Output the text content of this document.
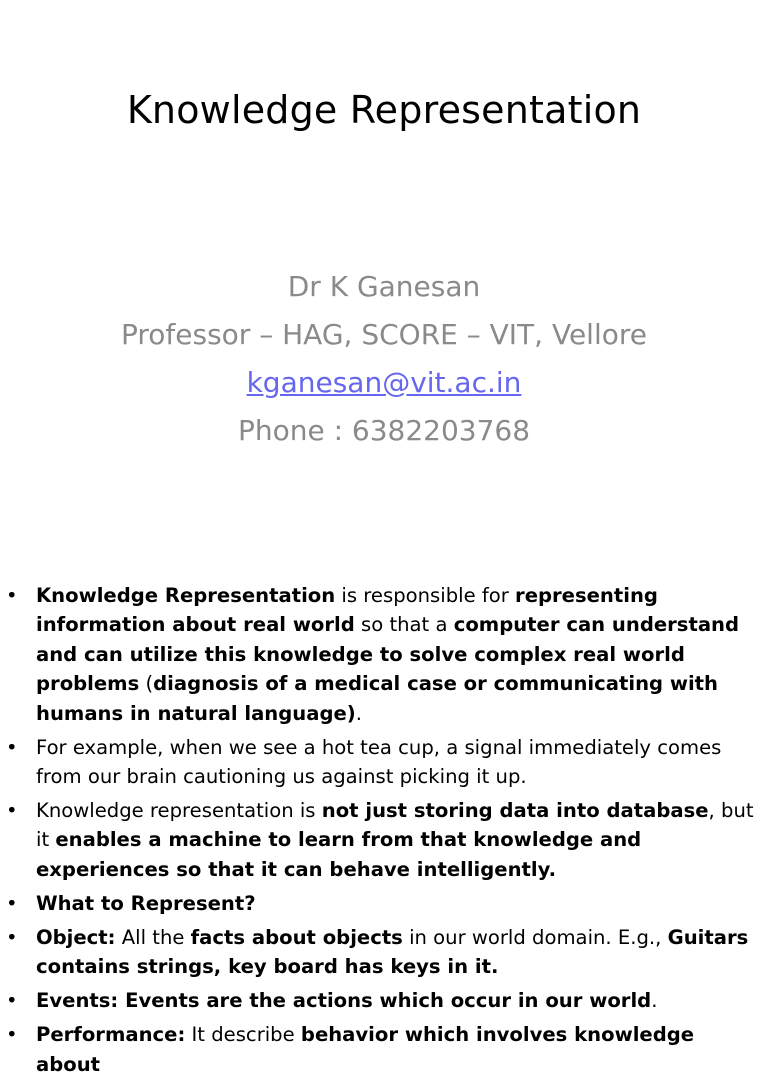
Knowledge Representation
Dr K Ganesan
Professor – HAG, SCORE – VIT, Vellore
kganesan@vit.ac.in
Phone : 6382203768
• Knowledge Representation is responsible for representing information about real world so that a computer can understand and can utilize this knowledge to solve complex real world problems (diagnosis of a medical case or communicating with humans in natural language).
• For example, when we see a hot tea cup, a signal immediately comes from our brain cautioning us against picking it up.
• Knowledge representation is not just storing data into database, but it enables a machine to learn from that knowledge and experiences so that it can behave intelligently.
• What to Represent?
• Object: All the facts about objects in our world domain. E.g., Guitars contains strings, key board has keys in it.
• Events: Events are the actions which occur in our world.
• Performance: It describe behavior which involves knowledge about
